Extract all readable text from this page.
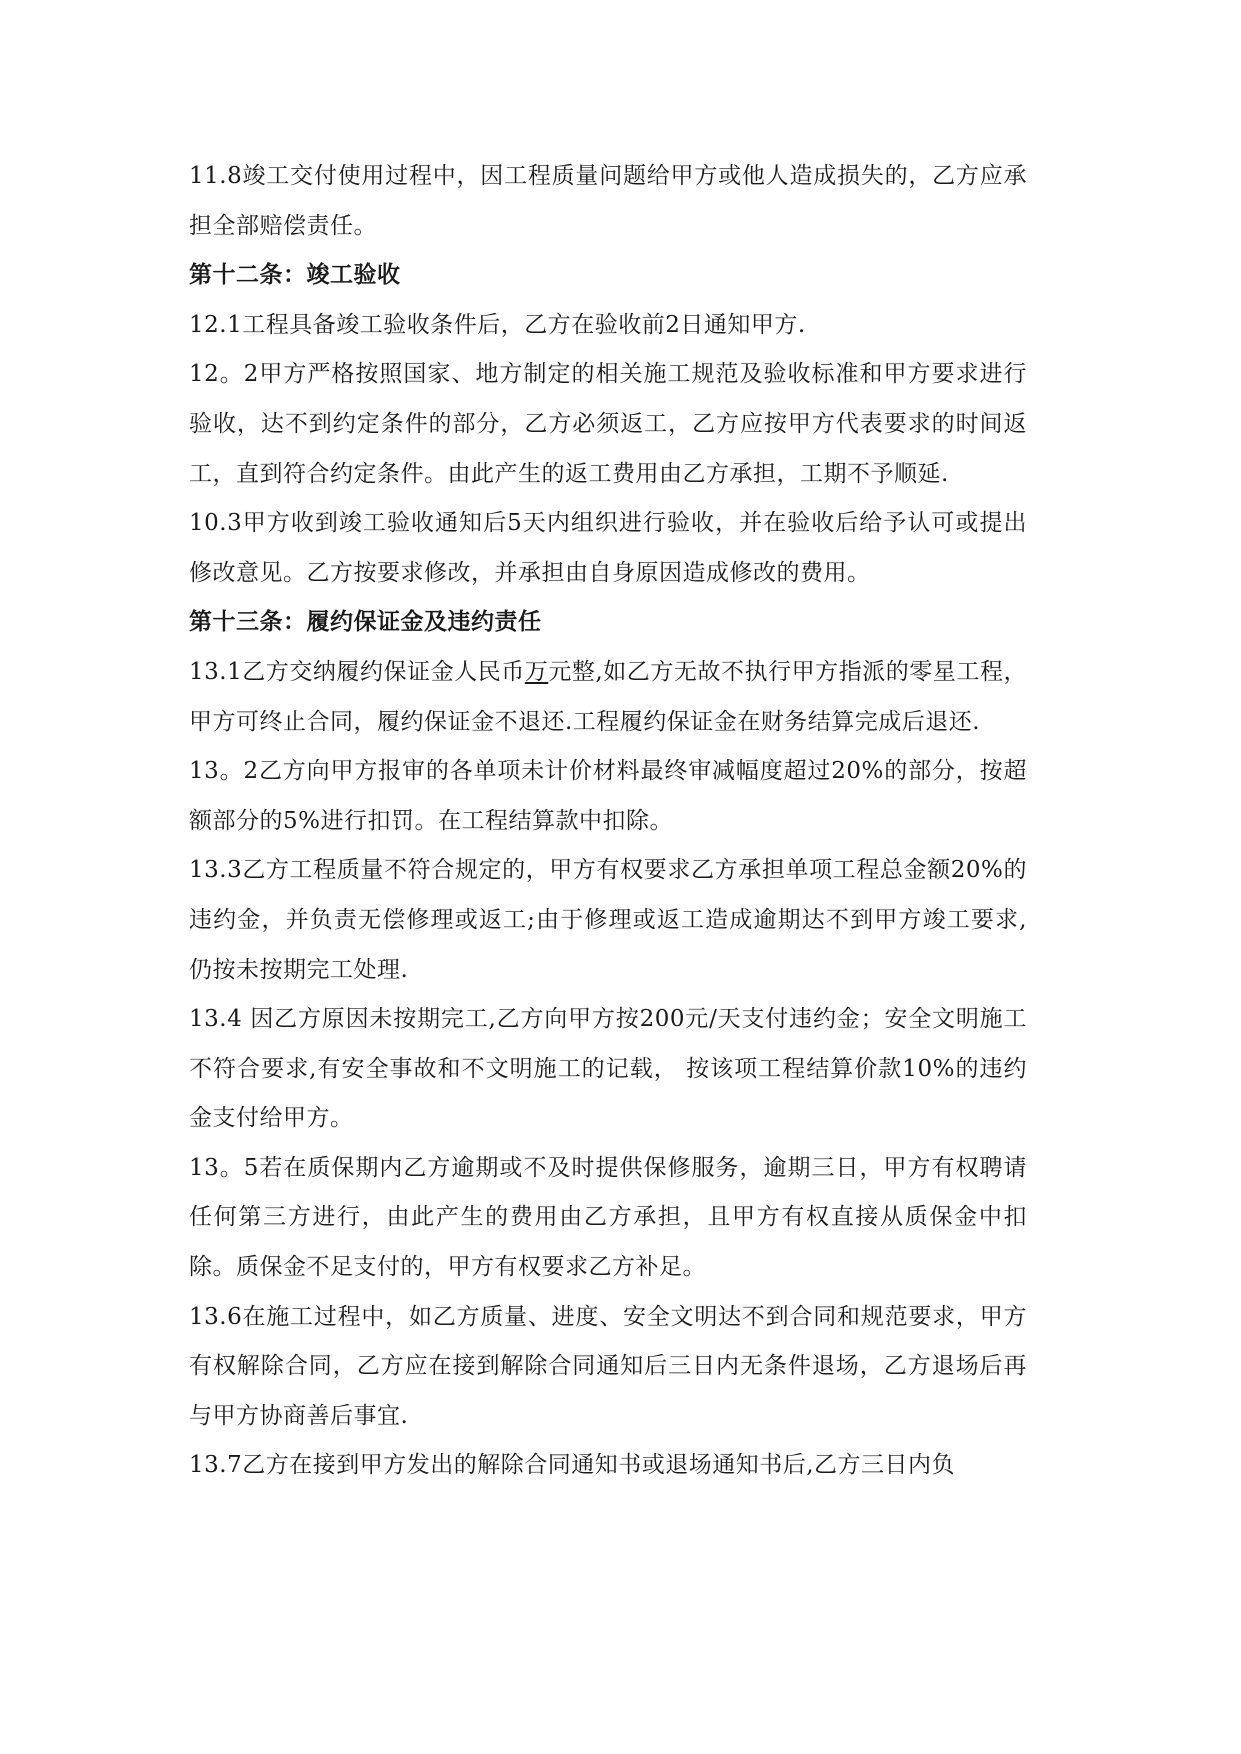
11.8竣工交付使用过程中，因工程质量问题给甲方或他人造成损失的，乙方应承担全部赔偿责任。

第十二条：竣工验收

12.1工程具备竣工验收条件后，乙方在验收前2日通知甲方.

12。2甲方严格按照国家、地方制定的相关施工规范及验收标准和甲方要求进行验收，达不到约定条件的部分，乙方必须返工，乙方应按甲方代表要求的时间返工，直到符合约定条件。由此产生的返工费用由乙方承担，工期不予顺延.

10.3甲方收到竣工验收通知后5天内组织进行验收，并在验收后给予认可或提出修改意见。乙方按要求修改，并承担由自身原因造成修改的费用。

第十三条：履约保证金及违约责任

13.1乙方交纳履约保证金人民币万元整,如乙方无故不执行甲方指派的零星工程，甲方可终止合同，履约保证金不退还.工程履约保证金在财务结算完成后退还.

13。2乙方向甲方报审的各单项未计价材料最终审减幅度超过20%的部分，按超额部分的5%进行扣罚。在工程结算款中扣除。

13.3乙方工程质量不符合规定的，甲方有权要求乙方承担单项工程总金额20%的违约金，并负责无偿修理或返工;由于修理或返工造成逾期达不到甲方竣工要求,仍按未按期完工处理.

13.4 因乙方原因未按期完工,乙方向甲方按200元/天支付违约金；安全文明施工不符合要求,有安全事故和不文明施工的记载， 按该项工程结算价款10%的违约金支付给甲方。

13。5若在质保期内乙方逾期或不及时提供保修服务，逾期三日，甲方有权聘请任何第三方进行，由此产生的费用由乙方承担，且甲方有权直接从质保金中扣除。质保金不足支付的，甲方有权要求乙方补足。

13.6在施工过程中，如乙方质量、进度、安全文明达不到合同和规范要求，甲方有权解除合同，乙方应在接到解除合同通知后三日内无条件退场，乙方退场后再与甲方协商善后事宜.

13.7乙方在接到甲方发出的解除合同通知书或退场通知书后,乙方三日内负
